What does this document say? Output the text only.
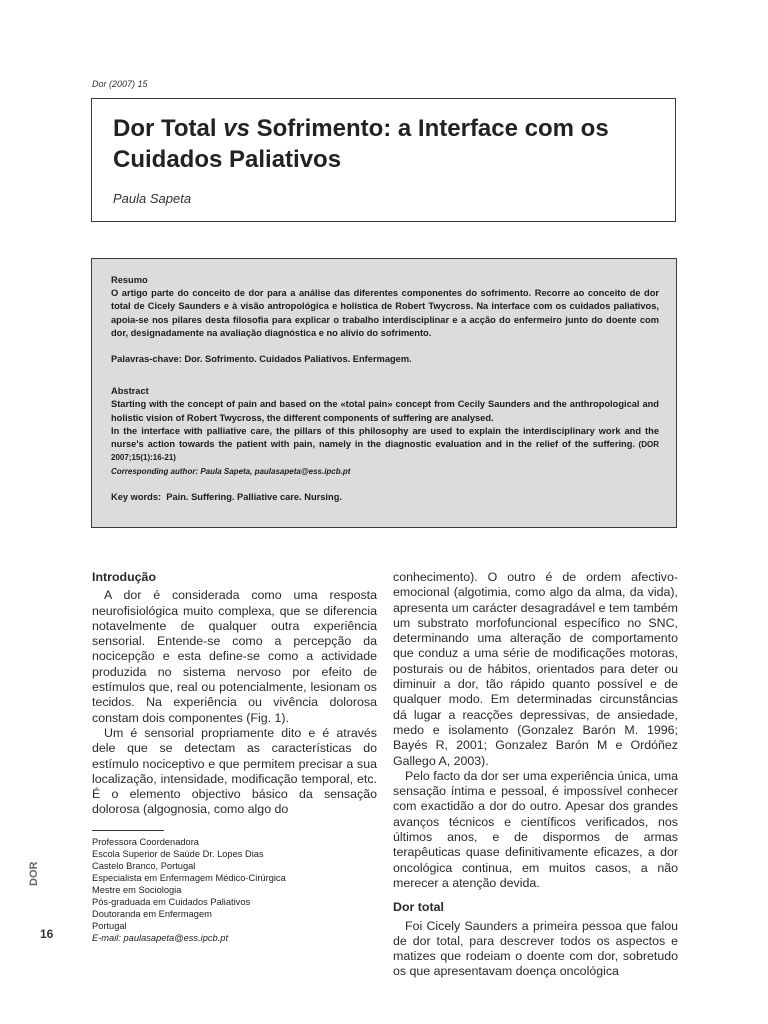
Dor (2007) 15
Dor Total vs Sofrimento: a Interface com os Cuidados Paliativos
Paula Sapeta
Resumo
O artigo parte do conceito de dor para a análise das diferentes componentes do sofrimento. Recorre ao conceito de dor total de Cicely Saunders e à visão antropológica e holística de Robert Twycross. Na interface com os cuidados paliativos, apoia-se nos pilares desta filosofia para explicar o trabalho interdisciplinar e a acção do enfermeiro junto do doente com dor, designadamente na avaliação diagnóstica e no alívio do sofrimento.
Palavras-chave: Dor. Sofrimento. Cuidados Paliativos. Enfermagem.
Abstract
Starting with the concept of pain and based on the «total pain» concept from Cecily Saunders and the anthropological and holistic vision of Robert Twycross, the different components of suffering are analysed.
In the interface with palliative care, the pillars of this philosophy are used to explain the interdisciplinary work and the nurse's action towards the patient with pain, namely in the diagnostic evaluation and in the relief of the suffering. (DOR 2007;15(1):16-21)
Corresponding author: Paula Sapeta, paulasapeta@ess.ipcb.pt
Key words:  Pain. Suffering. Palliative care. Nursing.
Introdução

A dor é considerada como uma resposta neurofisiológica muito complexa, que se diferencia notavelmente de qualquer outra experiência sensorial. Entende-se como a percepção da nocicepção e esta define-se como a actividade produzida no sistema nervoso por efeito de estímulos que, real ou potencialmente, lesionam os tecidos. Na experiência ou vivência dolorosa constam dois componentes (Fig. 1).

Um é sensorial propriamente dito e é através dele que se detectam as características do estímulo nociceptivo e que permitem precisar a sua localização, intensidade, modificação temporal, etc. É o elemento objectivo básico da sensação dolorosa (algognosia, como algo do

conhecimento). O outro é de ordem afectivo-emocional (algotimia, como algo da alma, da vida), apresenta um carácter desagradável e tem também um substrato morfofuncional específico no SNC, determinando uma alteração de comportamento que conduz a uma série de modificações motoras, posturais ou de hábitos, orientados para deter ou diminuir a dor, tão rápido quanto possível e de qualquer modo. Em determinadas circunstâncias dá lugar a reacções depressivas, de ansiedade, medo e isolamento (Gonzalez Barón M. 1996; Bayés R, 2001; Gonzalez Barón M e Ordóñez Gallego A, 2003).

Pelo facto da dor ser uma experiência única, uma sensação íntima e pessoal, é impossível conhecer com exactidão a dor do outro. Apesar dos grandes avanços técnicos e científicos verificados, nos últimos anos, e de dispormos de armas terapêuticas quase definitivamente eficazes, a dor oncológica continua, em muitos casos, a não merecer a atenção devida.

Dor total

Foi Cicely Saunders a primeira pessoa que falou de dor total, para descrever todos os aspectos e matizes que rodeiam o doente com dor, sobretudo os que apresentavam doença oncológica

Professora Coordenadora
Escola Superior de Saúde Dr. Lopes Dias
Castelo Branco, Portugal
Especialista em Enfermagem Médico-Cirúrgica
Mestre em Sociologia
Pós-graduada em Cuidados Paliativos
Doutoranda em Enfermagem
Portugal
E-mail: paulasapeta@ess.ipcb.pt
DOR
16
